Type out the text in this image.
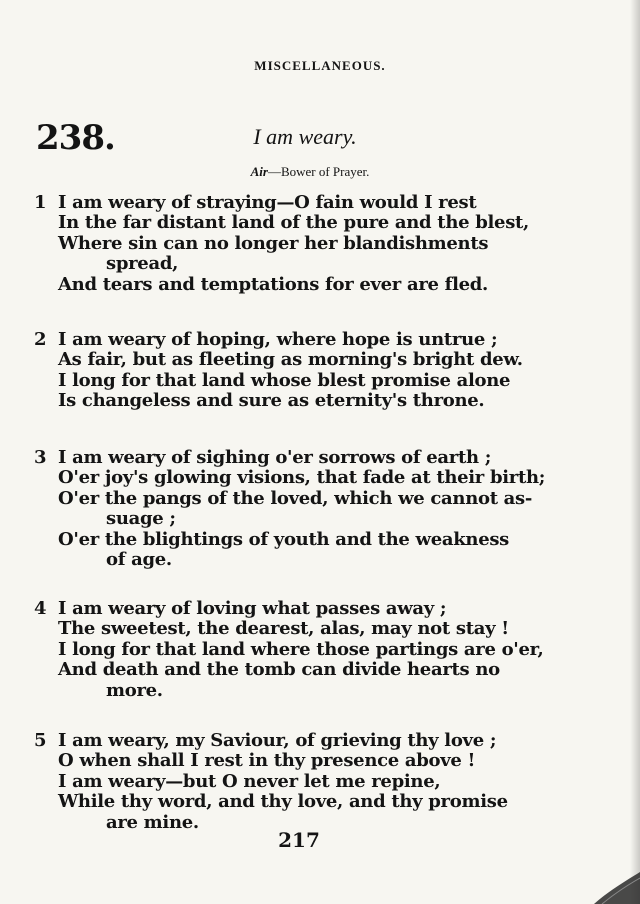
MISCELLANEOUS.
238.	I am weary.
Air—Bower of Prayer.
1 I am weary of straying—O fain would I rest
In the far distant land of the pure and the blest,
Where sin can no longer her blandishments
spread,
And tears and temptations for ever are fled.
2 I am weary of hoping, where hope is untrue ;
As fair, but as fleeting as morning's bright dew.
I long for that land whose blest promise alone
Is changeless and sure as eternity's throne.
3 I am weary of sighing o'er sorrows of earth ;
O'er joy's glowing visions, that fade at their birth;
O'er the pangs of the loved, which we cannot as-
suage ;
O'er the blightings of youth and the weakness
of age.
4 I am weary of loving what passes away ;
The sweetest, the dearest, alas, may not stay !
I long for that land where those partings are o'er,
And death and the tomb can divide hearts no
more.
5 I am weary, my Saviour, of grieving thy love ;
O when shall I rest in thy presence above !
I am weary—but O never let me repine,
While thy word, and thy love, and thy promise
are mine.
217
